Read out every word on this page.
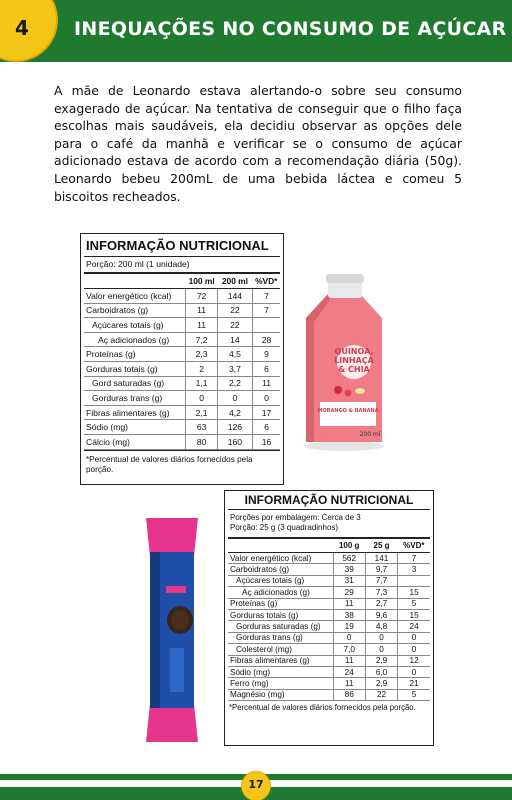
4 INEQUAÇÕES NO CONSUMO DE AÇÚCAR

A mãe de Leonardo estava alertando-o sobre seu consumo exagerado de açúcar. Na tentativa de conseguir que o filho faça escolhas mais saudáveis, ela decidiu observar as opções dele para o café da manhã e verificar se o consumo de açúcar adicionado estava de acordo com a recomendação diária (50g). Leonardo bebeu 200mL de uma bebida láctea e comeu 5 biscoitos recheados.

INFORMAÇÃO NUTRICIONAL
Porção: 200 ml (1 unidade)
	100 ml	200 ml	%VD*
Valor energético (kcal)	72	144	7
Carboidratos (g)	11	22	7
Açúcares totais (g)	11	22	
Aç adicionados (g)	7,2	14	28
Proteínas (g)	2,3	4,5	9
Gorduras totais (g)	2	3,7	6
Gord saturadas (g)	1,1	2,2	11
Gorduras trans (g)	0	0	0
Fibras alimentares (g)	2,1	4,2	17
Sódio (mg)	63	126	6
Cálcio (mg)	80	160	16
*Percentual de valores diários fornecidos pela porção.
QUINOA,
LINHAÇA
& CHIA
MORANGO & BANANA
200 ml
INFORMAÇÃO NUTRICIONAL
Porções por embalagem: Cerca de 3
Porção: 25 g (3 quadradinhos)
	100 g	25 g	%VD*
Valor energético (kcal)	562	141	7
Carboidratos (g)	39	9,7	3
Açúcares totais (g)	31	7,7	
Aç adicionados (g)	29	7,3	15
Proteínas (g)	11	2,7	5
Gorduras totais (g)	38	9,6	15
Gorduras saturadas (g)	19	4,8	24
Gorduras trans (g)	0	0	0
Colesterol (mg)	7,0	0	0
Fibras alimentares (g)	11	2,9	12
Sódio (mg)	24	6,0	0
Ferro (mg)	11	2,9	21
Magnésio (mg)	86	22	5
*Percentual de valores diários fornecidos pela porção.
17
